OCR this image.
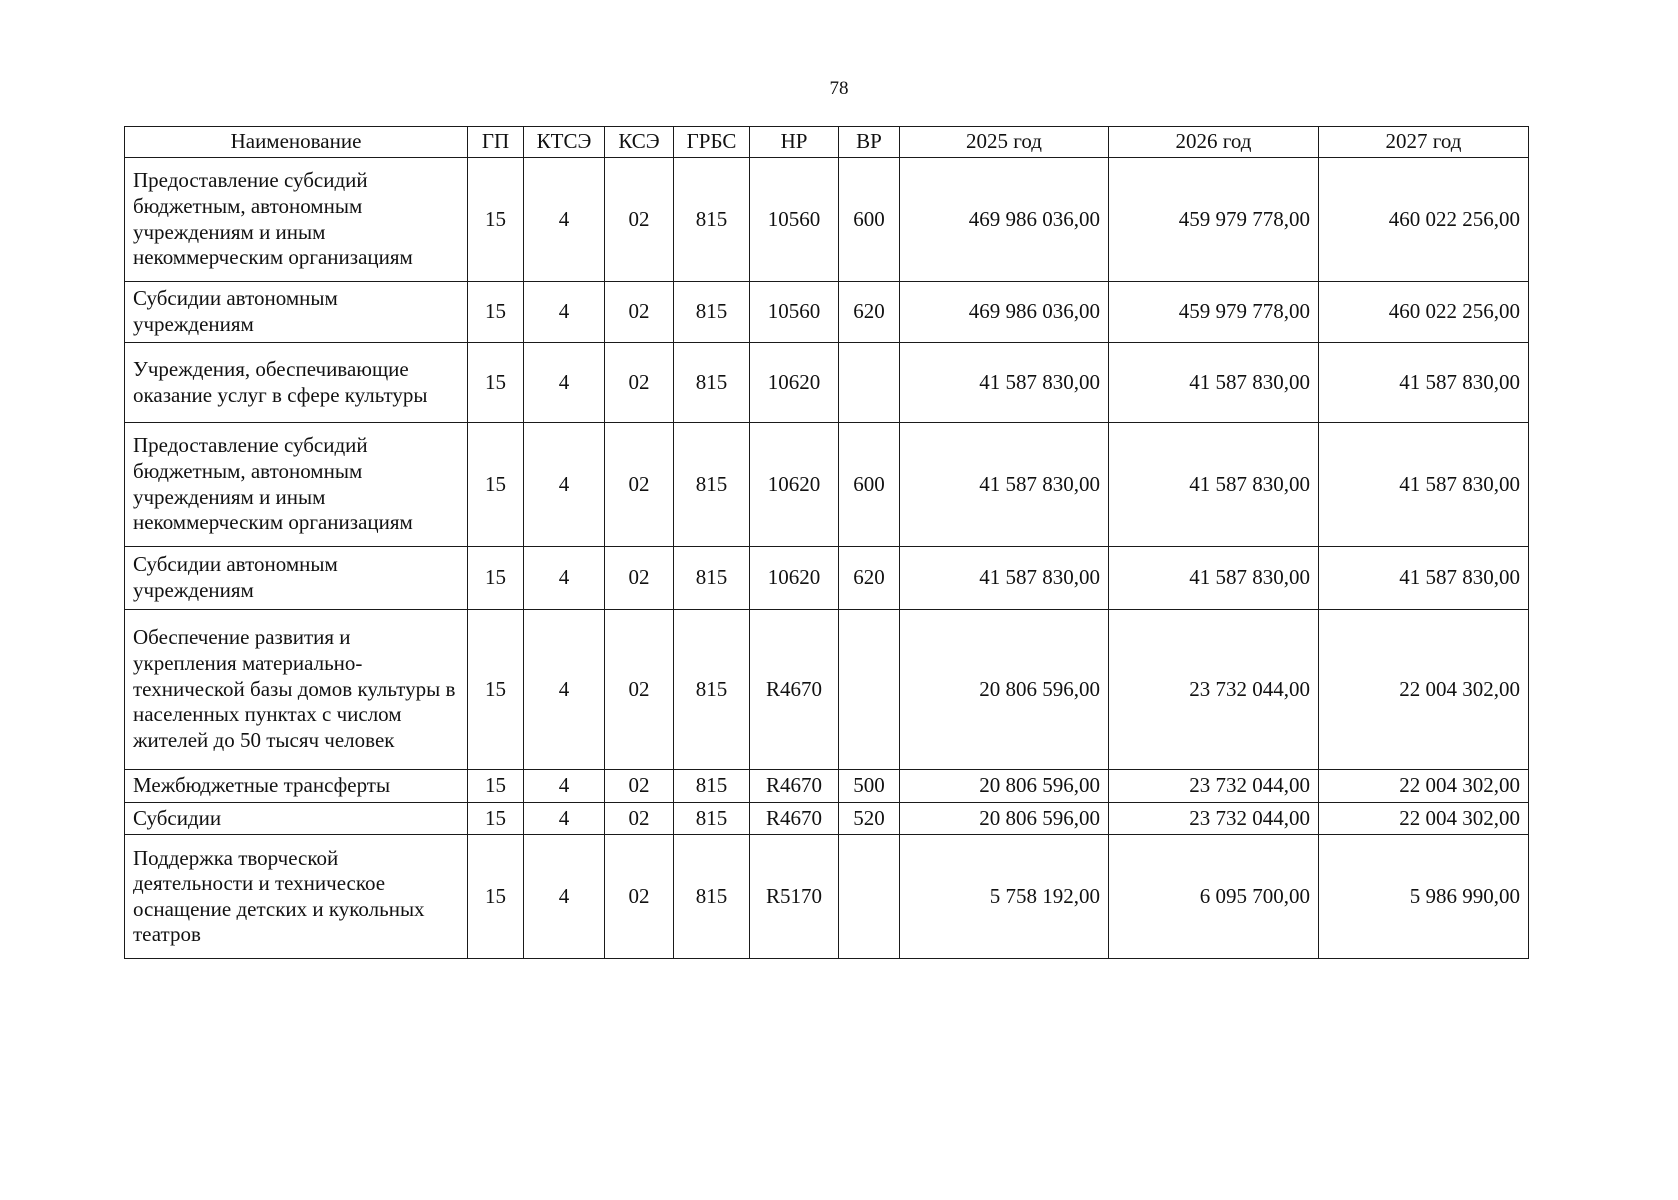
78
Наименование	ГП	КТСЭ	КСЭ	ГРБС	НР	ВР	2025 год	2026 год	2027 год
Предоставление субсидий бюджетным, автономным учреждениям и иным некоммерческим организациям	15	4	02	815	10560	600	469 986 036,00	459 979 778,00	460 022 256,00
Субсидии автономным учреждениям	15	4	02	815	10560	620	469 986 036,00	459 979 778,00	460 022 256,00
Учреждения, обеспечивающие оказание услуг в сфере культуры	15	4	02	815	10620		41 587 830,00	41 587 830,00	41 587 830,00
Предоставление субсидий бюджетным, автономным учреждениям и иным некоммерческим организациям	15	4	02	815	10620	600	41 587 830,00	41 587 830,00	41 587 830,00
Субсидии автономным учреждениям	15	4	02	815	10620	620	41 587 830,00	41 587 830,00	41 587 830,00
Обеспечение развития и укрепления материально-технической базы домов культуры в населенных пунктах с числом жителей до 50 тысяч человек	15	4	02	815	R4670		20 806 596,00	23 732 044,00	22 004 302,00
Межбюджетные трансферты	15	4	02	815	R4670	500	20 806 596,00	23 732 044,00	22 004 302,00
Субсидии	15	4	02	815	R4670	520	20 806 596,00	23 732 044,00	22 004 302,00
Поддержка творческой деятельности и техническое оснащение детских и кукольных театров	15	4	02	815	R5170		5 758 192,00	6 095 700,00	5 986 990,00
